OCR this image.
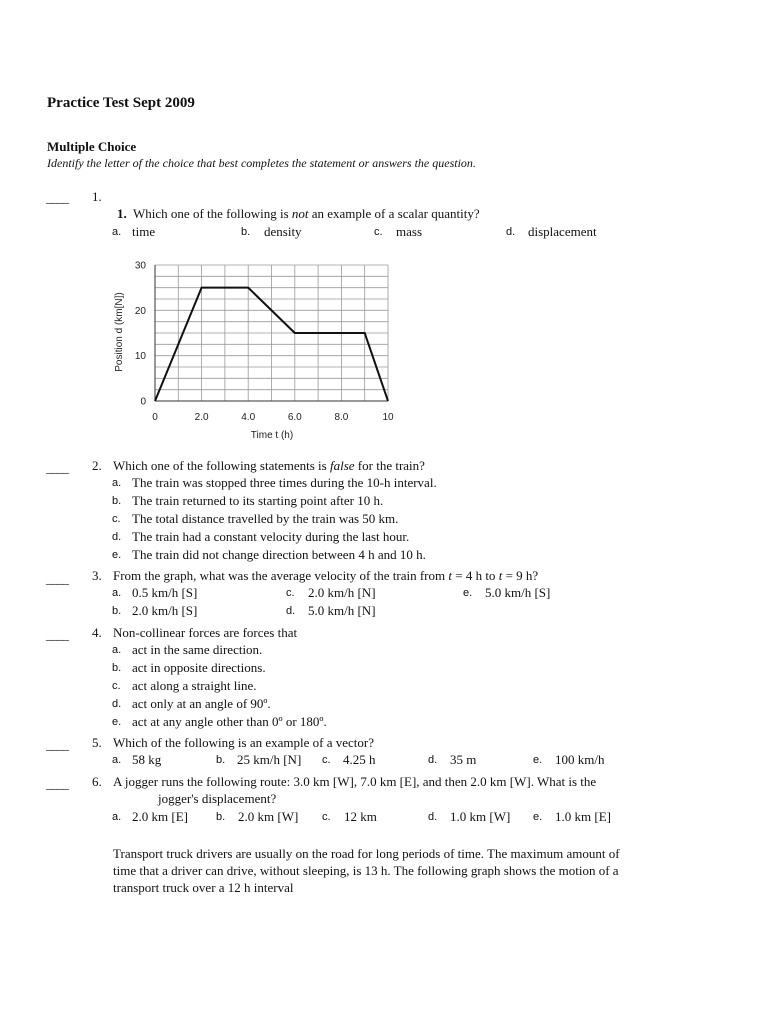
Practice Test Sept 2009
Multiple Choice
Identify the letter of the choice that best completes the statement or answers the question.
____ 1.
1. Which one of the following is not an example of a scalar quantity?
a. time	b. density	c. mass	d. displacement
30
20
10
0
0	2.0	4.0	6.0	8.0	10
Position d (km[N])
Time t (h)
____ 2. Which one of the following statements is false for the train?
a. The train was stopped three times during the 10-h interval.
b. The train returned to its starting point after 10 h.
c. The total distance travelled by the train was 50 km.
d. The train had a constant velocity during the last hour.
e. The train did not change direction between 4 h and 10 h.
____ 3. From the graph, what was the average velocity of the train from t = 4 h to t = 9 h?
a. 0.5 km/h [S]	c. 2.0 km/h [N]	e. 5.0 km/h [S]
b. 2.0 km/h [S]	d. 5.0 km/h [N]
____ 4. Non-collinear forces are forces that
a. act in the same direction.
b. act in opposite directions.
c. act along a straight line.
d. act only at an angle of 90º.
e. act at any angle other than 0º or 180º.
____ 5. Which of the following is an example of a vector?
a. 58 kg	b. 25 km/h [N] c. 4.25 h	d. 35 m	e. 100 km/h
____ 6. A jogger runs the following route: 3.0 km [W], 7.0 km [E], and then 2.0 km [W]. What is the
jogger's displacement?
a. 2.0 km [E]	b. 2.0 km [W] c. 12 km	d. 1.0 km [W] e. 1.0 km [E]
Transport truck drivers are usually on the road for long periods of time. The maximum amount of
time that a driver can drive, without sleeping, is 13 h. The following graph shows the motion of a
transport truck over a 12 h interval
